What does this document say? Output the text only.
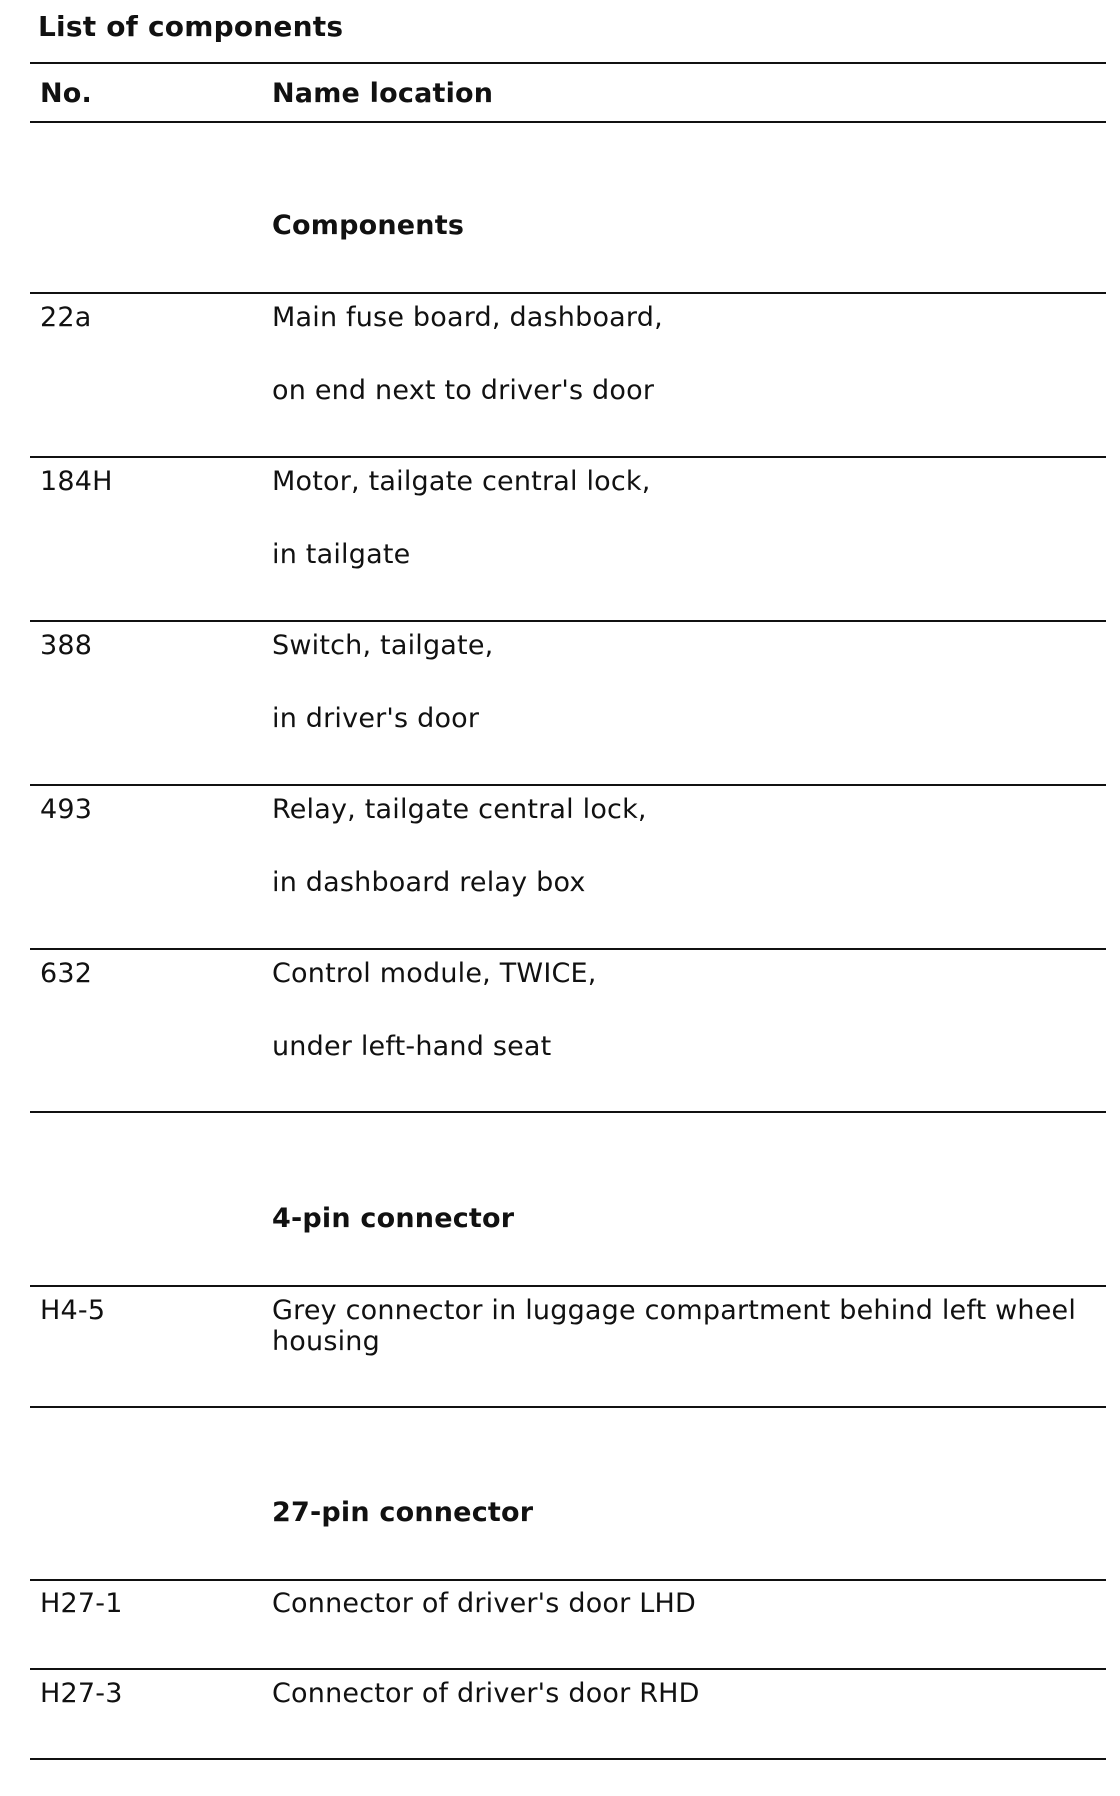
List of components
No.	Name location
Components
22a	Main fuse board, dashboard,
on end next to driver's door
184H	Motor, tailgate central lock,
in tailgate
388	Switch, tailgate,
in driver's door
493	Relay, tailgate central lock,
in dashboard relay box
632	Control module, TWICE,
under left-hand seat
4-pin connector
H4-5	Grey connector in luggage compartment behind left wheel
housing
27-pin connector
H27-1	Connector of driver's door LHD
H27-3	Connector of driver's door RHD
